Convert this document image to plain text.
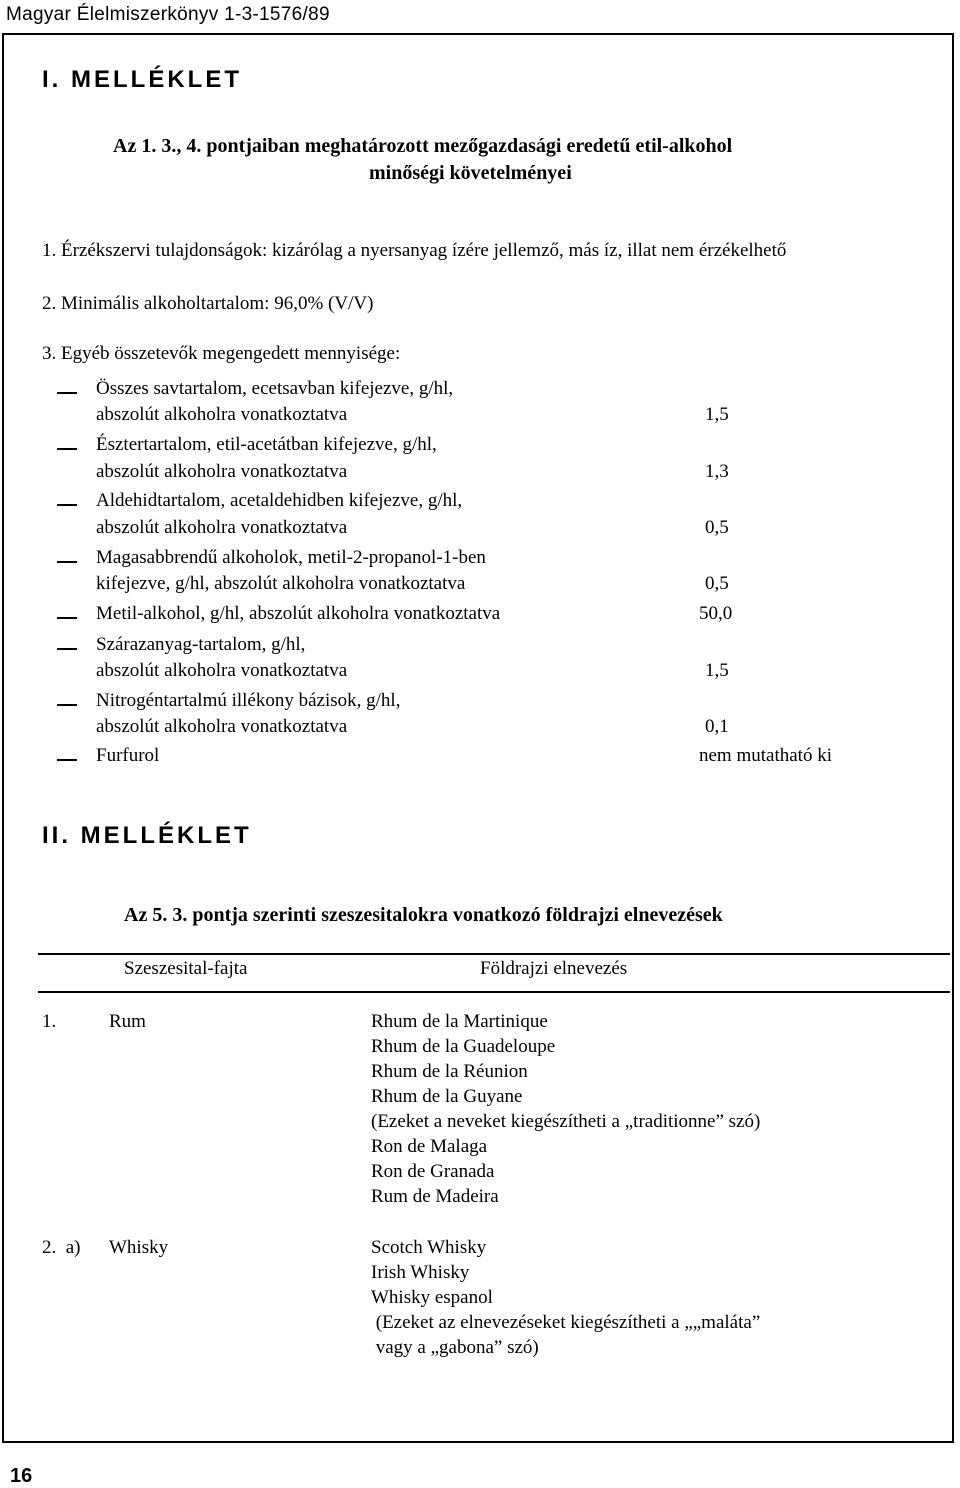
Magyar Élelmiszerkönyv 1-3-1576/89
I. MELLÉKLET
Az 1. 3., 4. pontjaiban meghatározott mezőgazdasági eredetű etil-alkohol
minőségi követelményei
1. Érzékszervi tulajdonságok: kizárólag a nyersanyag ízére jellemző, más íz, illat nem érzékelhető
2. Minimális alkoholtartalom: 96,0% (V/V)
3. Egyéb összetevők megengedett mennyisége:
Összes savtartalom, ecetsavban kifejezve, g/hl,
abszolút alkoholra vonatkoztatva	1,5
Észtertartalom, etil-acetátban kifejezve, g/hl,
abszolút alkoholra vonatkoztatva	1,3
Aldehidtartalom, acetaldehidben kifejezve, g/hl,
abszolút alkoholra vonatkoztatva	0,5
Magasabbrendű alkoholok, metil-2-propanol-1-ben
kifejezve, g/hl, abszolút alkoholra vonatkoztatva	0,5
Metil-alkohol, g/hl, abszolút alkoholra vonatkoztatva	50,0
Szárazanyag-tartalom, g/hl,
abszolút alkoholra vonatkoztatva	1,5
Nitrogéntartalmú illékony bázisok, g/hl,
abszolút alkoholra vonatkoztatva	0,1
Furfurol	nem mutatható ki
II. MELLÉKLET
Az 5. 3. pontja szerinti szeszesitalokra vonatkozó földrajzi elnevezések
Szeszesital-fajta	Földrajzi elnevezés
1.	Rum	Rhum de la Martinique
Rhum de la Guadeloupe
Rhum de la Réunion
Rhum de la Guyane
(Ezeket a neveket kiegészítheti a „traditionne” szó)
Ron de Malaga
Ron de Granada
Rum de Madeira
2.  a) Whisky	Scotch Whisky
Irish Whisky
Whisky espanol
(Ezeket az elnevezéseket kiegészítheti a „„maláta”
vagy a „gabona” szó)
16
